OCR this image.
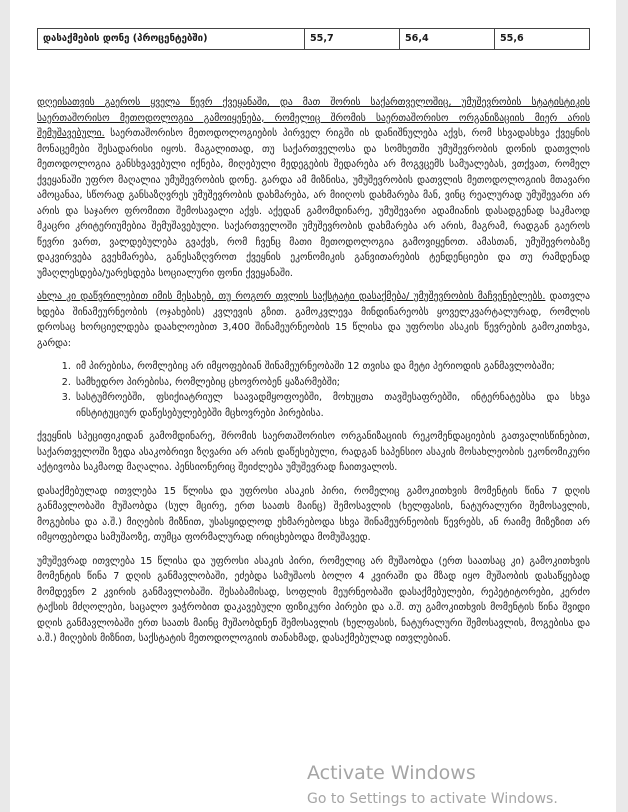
დასაქმების დონე (პროცენტებში)	55,7	56,4	55,6

დღეისათვის გაეროს ყველა წევრ ქვეყანაში, და მათ შორის საქართველოშიც, უმუშევრობის სტატისტიკის საერთაშორისო მეთოდოლოგია გამოიყენება, რომელიც შრომის საერთაშორისო ორგანიზაციის მიერ არის შემუშავებული. საერთაშორისო მეთოდოლოგიების პირველ რიგში ის დანიშნულება აქვს, რომ სხვადასხვა ქვეყნის მონაცემები შესადარისი იყოს. მაგალითად, თუ საქართველოსა და სომხეთში უმუშევრობის დონის დათვლის მეთოდოლოგია განსხვავებული იქნება, მიღებული მედეგების შედარება არ მოგვცემს სამუალებას, ვთქვათ, რომელ ქვეყანაში უფრო მაღალია უმუშევრობის დონე. გარდა ამ მიზნისა, უმუშევრობის დათვლის მეთოდოლოგიის მთავარი ამოცანაა, სწორად განსაზღვრეს უმუშევრობის დახმარება, არ მიიღოს დახმარება მან, ვინც რეალურად უმუშევარი არ არის და საჯარო ფრომითი შემოსავალი აქვს. აქედან გამომდინარე, უმუშევარი ადამიანის დასადგენად საკმაოდ მკაცრი კრიტერიუმებია შემუშავებული. საქართველოში უმუშევრობის დახმარება არ არის, მაგრამ, რადგან გაეროს წევრი ვართ, ვალდებულება გვაქვს, რომ ჩვენც მათი მეთოდოლოგია გამოვიყენოთ. ამასთან, უმუშევრობაზე დაკვირვება გვეხმარება, განესაზღვროთ ქვეყნის ეკონომიკის განვითარების ტენდენციები და თუ რამდენად უმაღლესდება/უარესდება სოციალური ფონი ქვეყანაში.

ახლა კი დაწვრილებით იმის მესახებ, თუ როგორ თვლის საქსტატი დასაქმება/ უმუშევრობის მაჩვენებლებს. დათვლა ხდება შინამეურნეობის (ოჯახების) კვლევის გზით. გამოკვლევა მინდინარეობს ყოველკვარტალურად, რომლის დროსაც ხორციელდება დაახლოებით 3,400 შინამეურნეობის 15 წლისა და უფროსი ასაკის წევრების გამოკითხვა, გარდა:

1. იმ პირებისა, რომლებიც არ იმყოფებიან შინამეურნეობაში 12 თვისა და მეტი პერიოდის განმავლობაში;
2. სამხედრო პირებისა, რომლებიც ცხოვრობენ ყაზარმებში;
3. სასტუმროებში, ფსიქიატრიულ საავადმყოფოებში, მოხუცთა თავშესაფრებში, ინტერნატებსა და სხვა ინსტიტუციურ დაწესებულებებში მცხოვრები პირებისა.

ქვეყნის სპეციფიკიდან გამომდინარე, შრომის საერთაშორისო ორგანიზაციის რეკომენდაციების გათვალისწინებით, საქართველოში ზედა ასაკობრივი ზღვარი არ არის დაწესებული, რადგან საპენსიო ასაკის მოსახლეობის ეკონომიკური აქტივობა საკმაოდ მაღალია. პენსიონერიც შეიძლება უმუშევრად ჩაითვალოს.

დასაქმებულად ითვლება 15 წლისა და უფროსი ასაკის პირი, რომელიც გამოკითხვის მომენტის წინა 7 დღის განმავლობაში მუშაობდა (სულ მცირე, ერთ საათს მაინც) შემოსავლის (ხელფასის, ნატურალური შემოსავლის, მოგებისა და ა.შ.) მიღების მიზნით, უსასყიდლოდ ეხმარებოდა სხვა შინამეურნეობის წევრებს, ან რაიმე მიზეზით არ იმყოფებოდა სამუშაოზე, თუმცა ფორმალურად ირიცხებოდა მომუშავედ.

უმუშევრად ითვლება 15 წლისა და უფროსი ასაკის პირი, რომელიც არ მუშაობდა (ერთ საათსაც კი) გამოკითხვის მომენტის წინა 7 დღის განმავლობაში, ეძებდა სამუშაოს ბოლო 4 კვირაში და მზად იყო მუშაობის დასაწყებად მომდევნო 2 კვირის განმავლობაში. შესაბამისად, სოფლის მეურნეობაში დასაქმებულები, რეპეტიტორები, კერძო ტაქსის მძღოლები, საცალო ვაჭრობით დაკავებული ფიზიკური პირები და ა.შ. თუ გამოკითხვის მომენტის წინა შვიდი დღის განმავლობაში ერთ საათს მაინც მუშაობდნენ შემოსავლის (ხელფასის, ნატურალური შემოსავლის, მოგებისა და ა.შ.) მიღების მიზნით, საქსტატის მეთოდოლოგიის თანახმად, დასაქმებულად ითვლებიან.

Activate Windows
Go to Settings to activate Windows.
